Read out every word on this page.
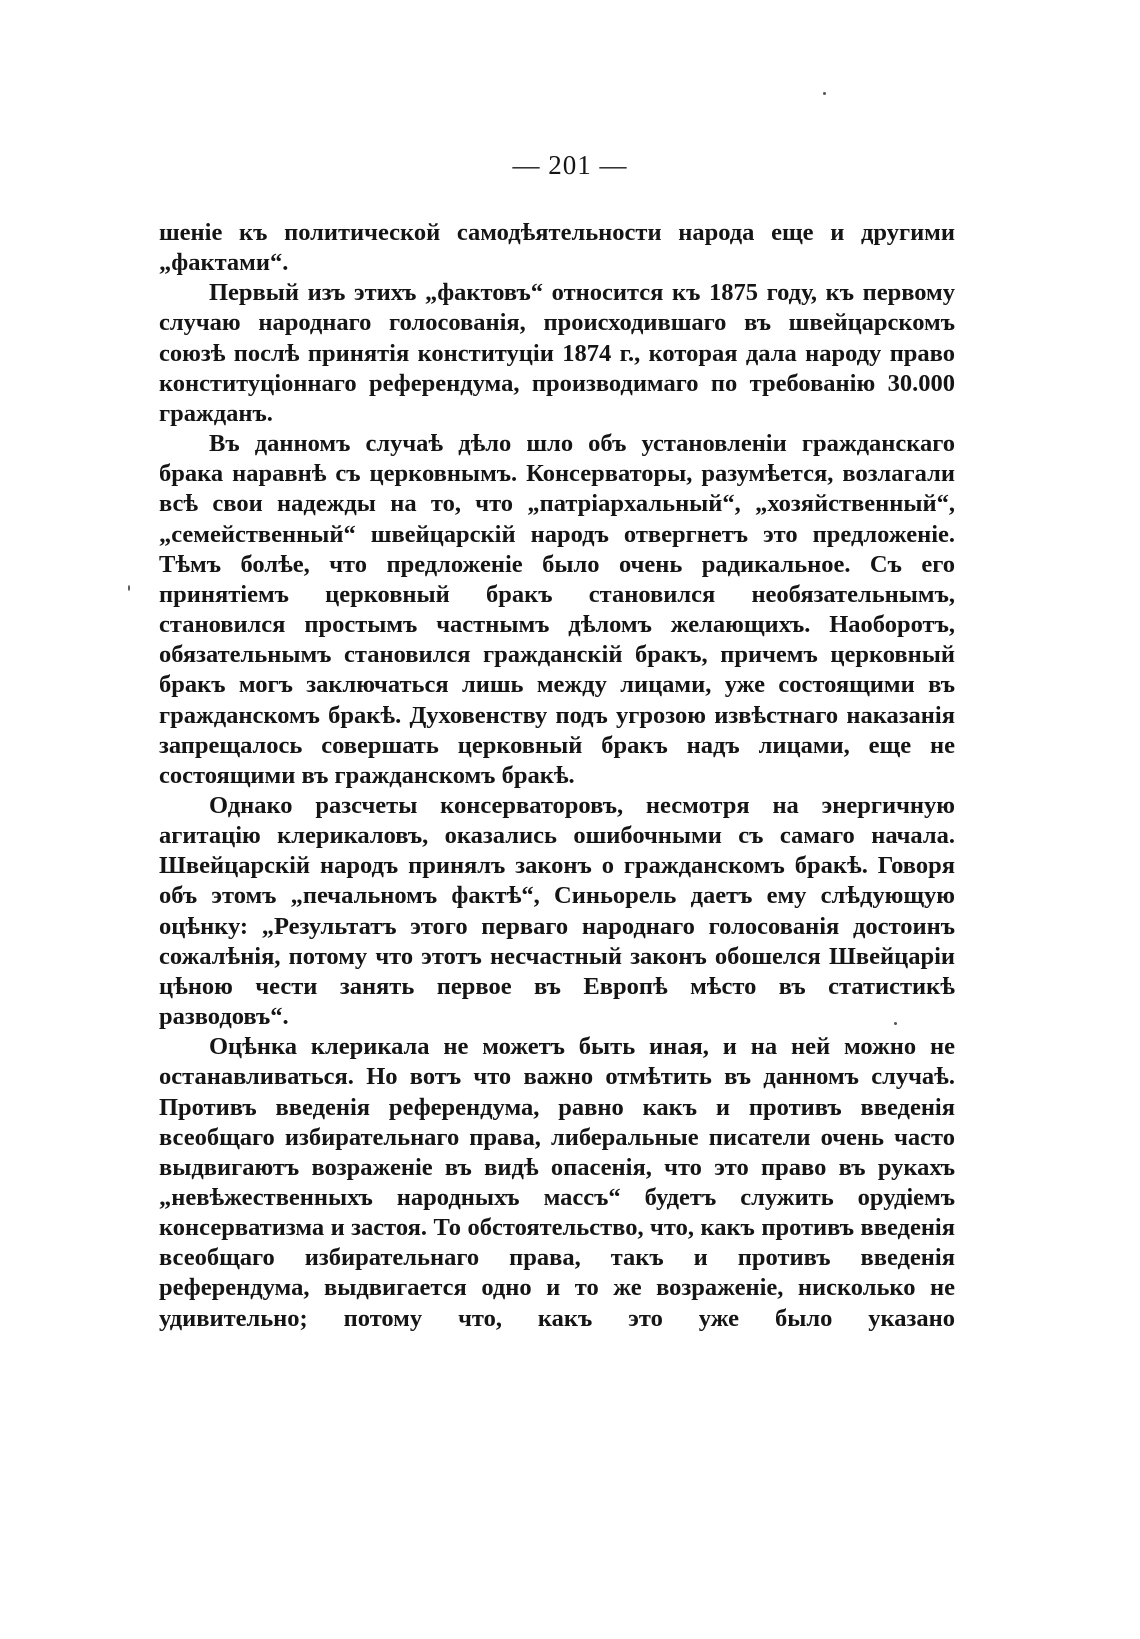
— 201 —

шеніе къ политической самодѣятельности народа еще и другими „фактами“.

Первый изъ этихъ „фактовъ“ относится къ 1875 году, къ первому случаю народнаго голосованія, происходившаго въ швейцарскомъ союзѣ послѣ принятія конституціи 1874 г., которая дала народу право конституціоннаго референдума, производимаго по требованію 30.000 гражданъ.

Въ данномъ случаѣ дѣло шло объ установленіи гражданскаго брака наравнѣ съ церковнымъ. Консерваторы, разумѣется, возлагали всѣ свои надежды на то, что „патріархальный“, „хозяйственный“, „семейственный“ швейцарскій народъ отвергнетъ это предложеніе. Тѣмъ болѣе, что предложеніе было очень радикальное. Съ его принятіемъ церковный бракъ становился необязательнымъ, становился простымъ частнымъ дѣломъ желающихъ. Наоборотъ, обязательнымъ становился гражданскій бракъ, причемъ церковный бракъ могъ заключаться лишь между лицами, уже состоящими въ гражданскомъ бракѣ. Духовенству подъ угрозою извѣстнаго наказанія запрещалось совершать церковный бракъ надъ лицами, еще не состоящими въ гражданскомъ бракѣ.

Однако разсчеты консерваторовъ, несмотря на энергичную агитацію клерикаловъ, оказались ошибочными съ самаго начала. Швейцарскій народъ принялъ законъ о гражданскомъ бракѣ. Говоря объ этомъ „печальномъ фактѣ“, Синьорель даетъ ему слѣдующую оцѣнку: „Результатъ этого перваго народнаго голосованія достоинъ сожалѣнія, потому что этотъ несчастный законъ обошелся Швейцаріи цѣною чести занять первое въ Европѣ мѣсто въ статистикѣ разводовъ“.

Оцѣнка клерикала не можетъ быть иная, и на ней можно не останавливаться. Но вотъ что важно отмѣтить въ данномъ случаѣ. Противъ введенія референдума, равно какъ и противъ введенія всеобщаго избирательнаго права, либеральные писатели очень часто выдвигаютъ возраженіе въ видѣ опасенія, что это право въ рукахъ „невѣжественныхъ народныхъ массъ“ будетъ служить орудіемъ консерватизма и застоя. То обстоятельство, что, какъ противъ введенія всеобщаго избирательнаго права, такъ и противъ введенія референдума, выдвигается одно и то же возраженіе, нисколько не удивительно; потому что, какъ это уже было указано
